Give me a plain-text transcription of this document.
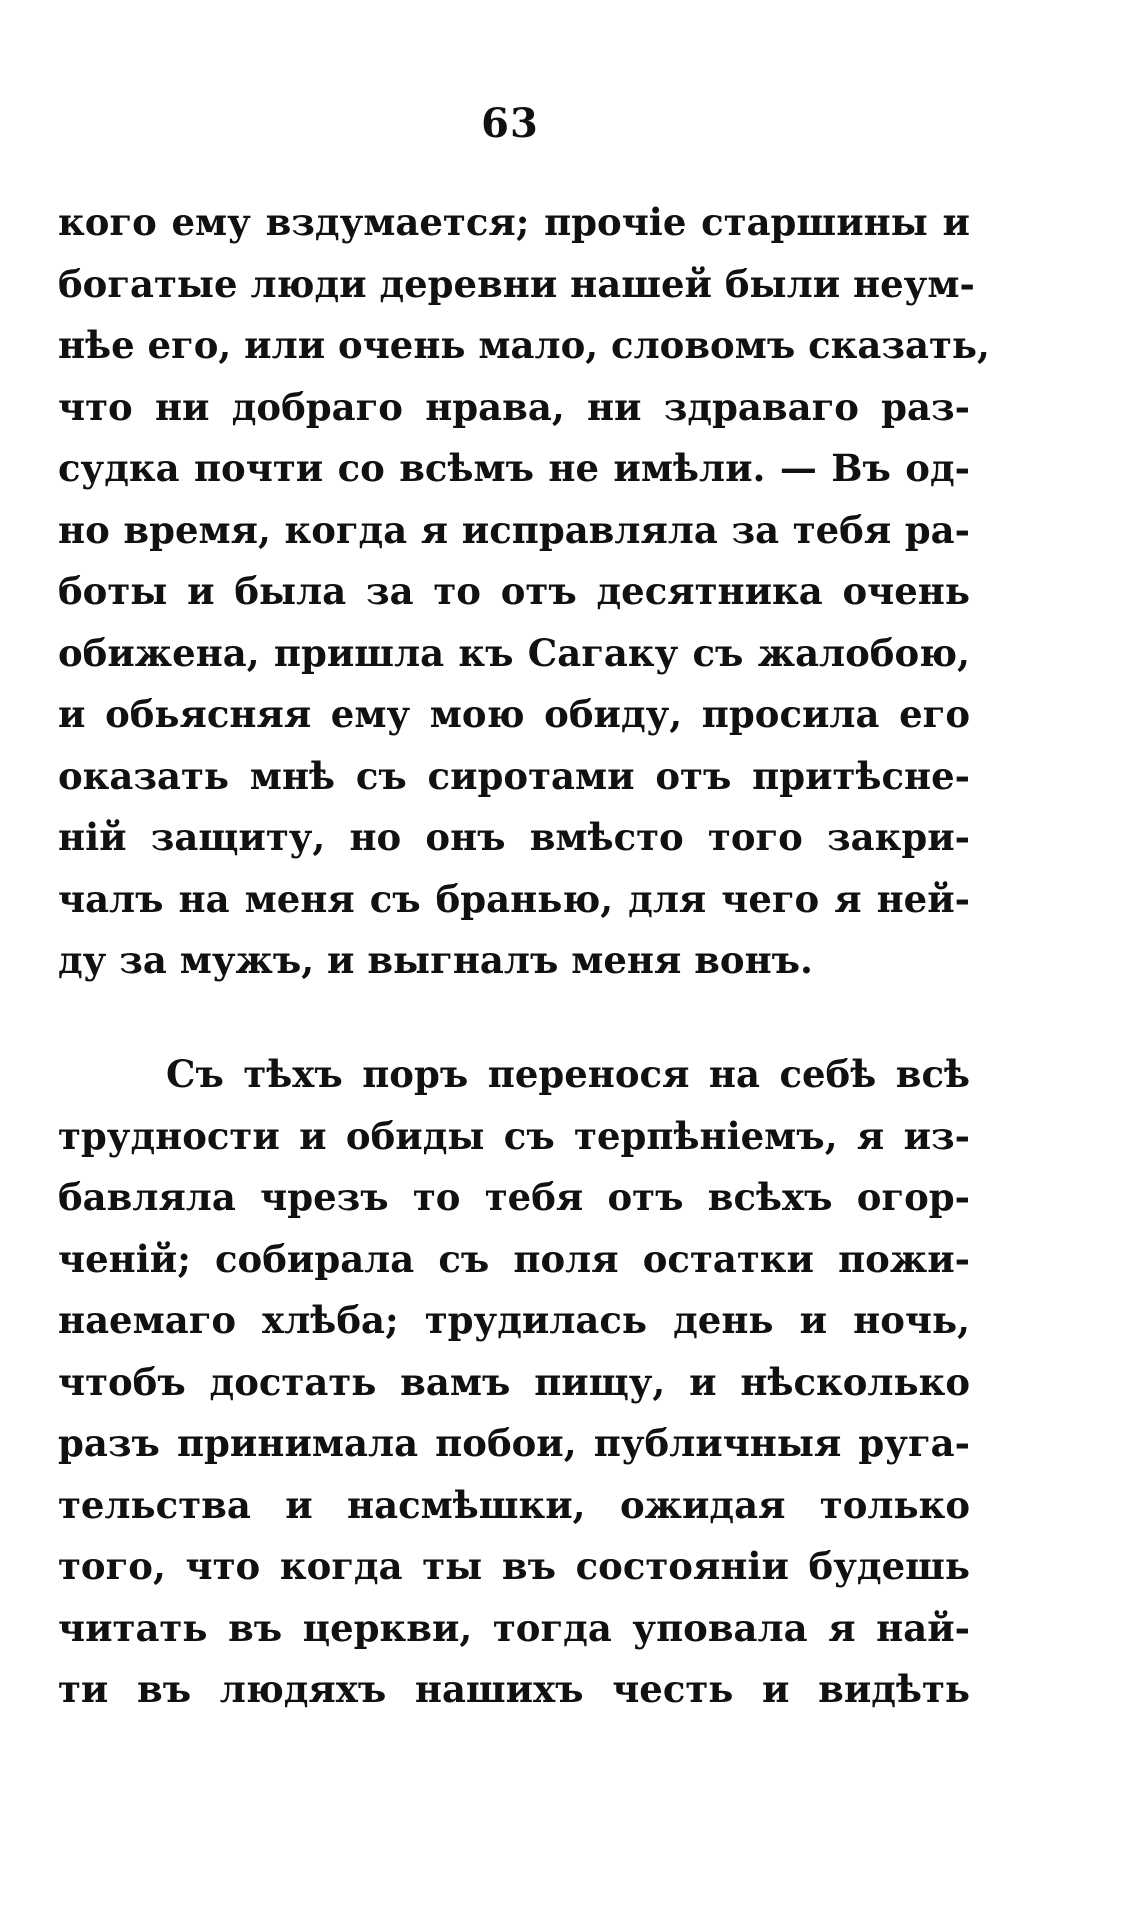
63
кого ему вздумается; прочіе старшины и
богатые люди деревни нашей были неум-
нѣе его, или очень мало, словомъ сказать,
что ни добраго нрава, ни здраваго раз-
судка почти со всѣмъ не имѣли. — Въ од-
но время, когда я исправляла за тебя ра-
боты и была за то отъ десятника очень
обижена, пришла къ Сагаку съ жалобою,
и обьясняя ему мою обиду, просила его
оказать мнѣ съ сиротами отъ притѣсне-
ній защиту, но онъ вмѣсто того закри-
чалъ на меня съ бранью, для чего я ней-
ду за мужъ, и выгналъ меня вонъ.
Съ тѣхъ поръ перенося на себѣ всѣ
трудности и обиды съ терпѣніемъ, я из-
бавляла чрезъ то тебя отъ всѣхъ огор-
ченій; собирала съ поля остатки пожи-
наемаго хлѣба; трудилась день и ночь,
чтобъ достать вамъ пищу, и нѣсколько
разъ принимала побои, публичныя руга-
тельства и насмѣшки, ожидая только
того, что когда ты въ состояніи будешь
читать въ церкви, тогда уповала я най-
ти въ людяхъ нашихъ честь и видѣть
